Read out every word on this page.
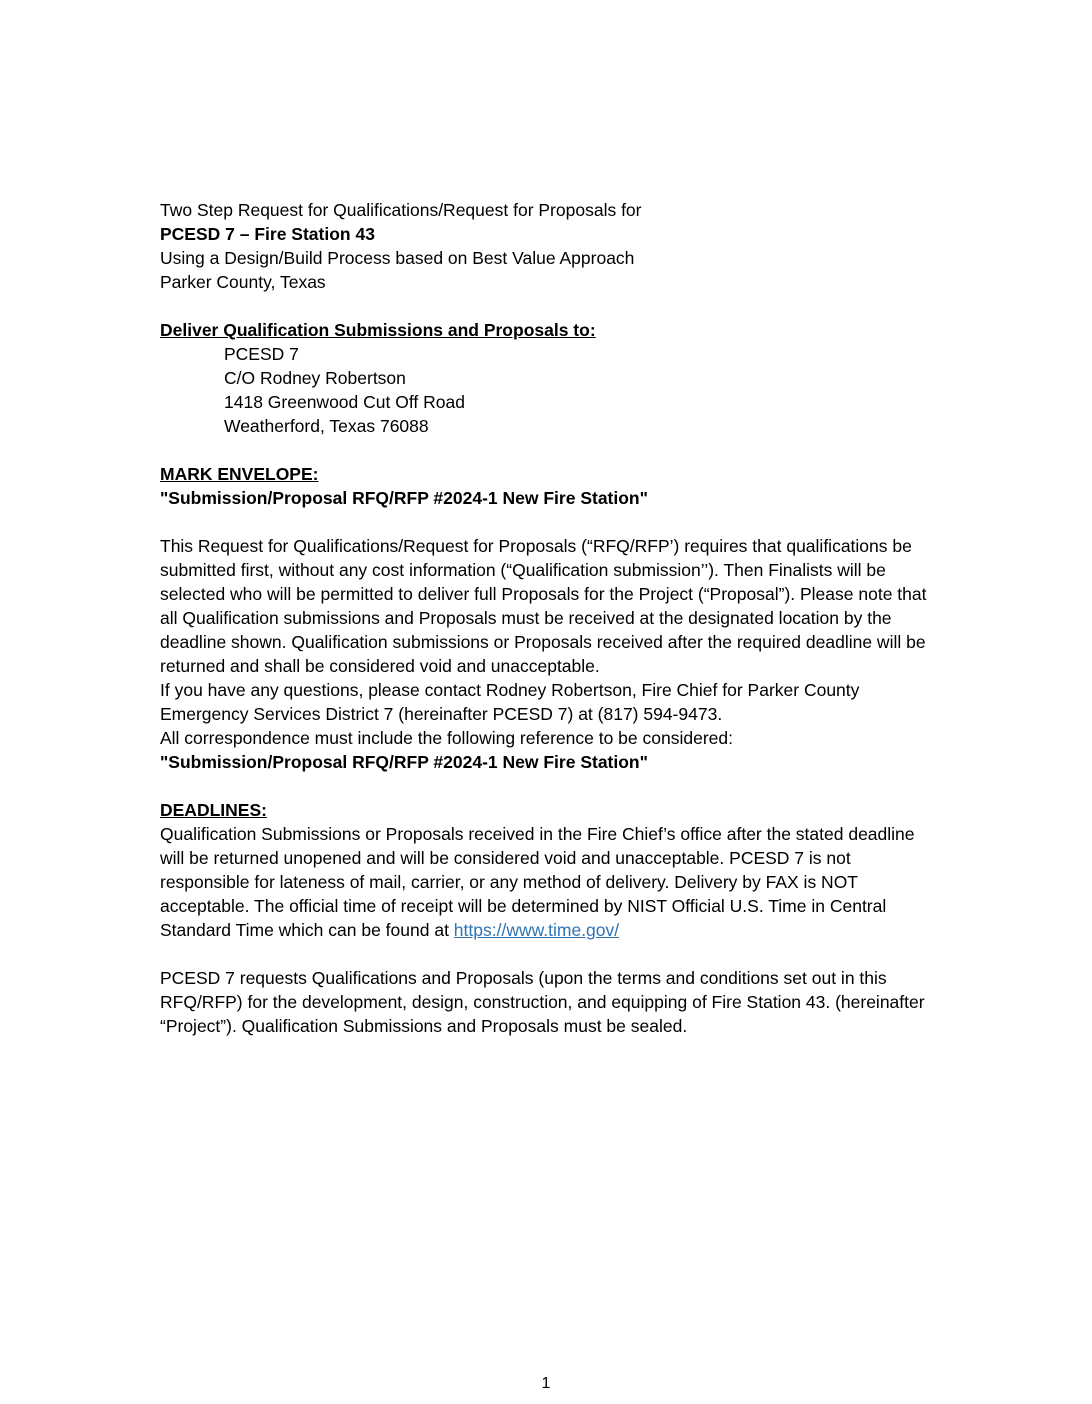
Two Step Request for Qualifications/Request for Proposals for

PCESD 7 – Fire Station 43

Using a Design/Build Process based on Best Value Approach

Parker County, Texas

Deliver Qualification Submissions and Proposals to:

PCESD 7

C/O Rodney Robertson

1418 Greenwood Cut Off Road

Weatherford, Texas 76088

MARK ENVELOPE:

"Submission/Proposal RFQ/RFP #2024-1 New Fire Station"

This Request for Qualifications/Request for Proposals (“RFQ/RFP’) requires that qualifications be submitted first, without any cost information (“Qualification submission’’). Then Finalists will be selected who will be permitted to deliver full Proposals for the Project (“Proposal”). Please note that all Qualification submissions and Proposals must be received at the designated location by the deadline shown. Qualification submissions or Proposals received after the required deadline will be returned and shall be considered void and unacceptable.

If you have any questions, please contact Rodney Robertson, Fire Chief for Parker County Emergency Services District 7 (hereinafter PCESD 7) at (817) 594-9473.

All correspondence must include the following reference to be considered:

"Submission/Proposal RFQ/RFP #2024-1 New Fire Station"

DEADLINES:

Qualification Submissions or Proposals received in the Fire Chief’s office after the stated deadline will be returned unopened and will be considered void and unacceptable. PCESD 7 is not responsible for lateness of mail, carrier, or any method of delivery. Delivery by FAX is NOT acceptable. The official time of receipt will be determined by NIST Official U.S. Time in Central Standard Time which can be found at https://www.time.gov/

PCESD 7 requests Qualifications and Proposals (upon the terms and conditions set out in this RFQ/RFP) for the development, design, construction, and equipping of Fire Station 43. (hereinafter “Project”). Qualification Submissions and Proposals must be sealed.

1
